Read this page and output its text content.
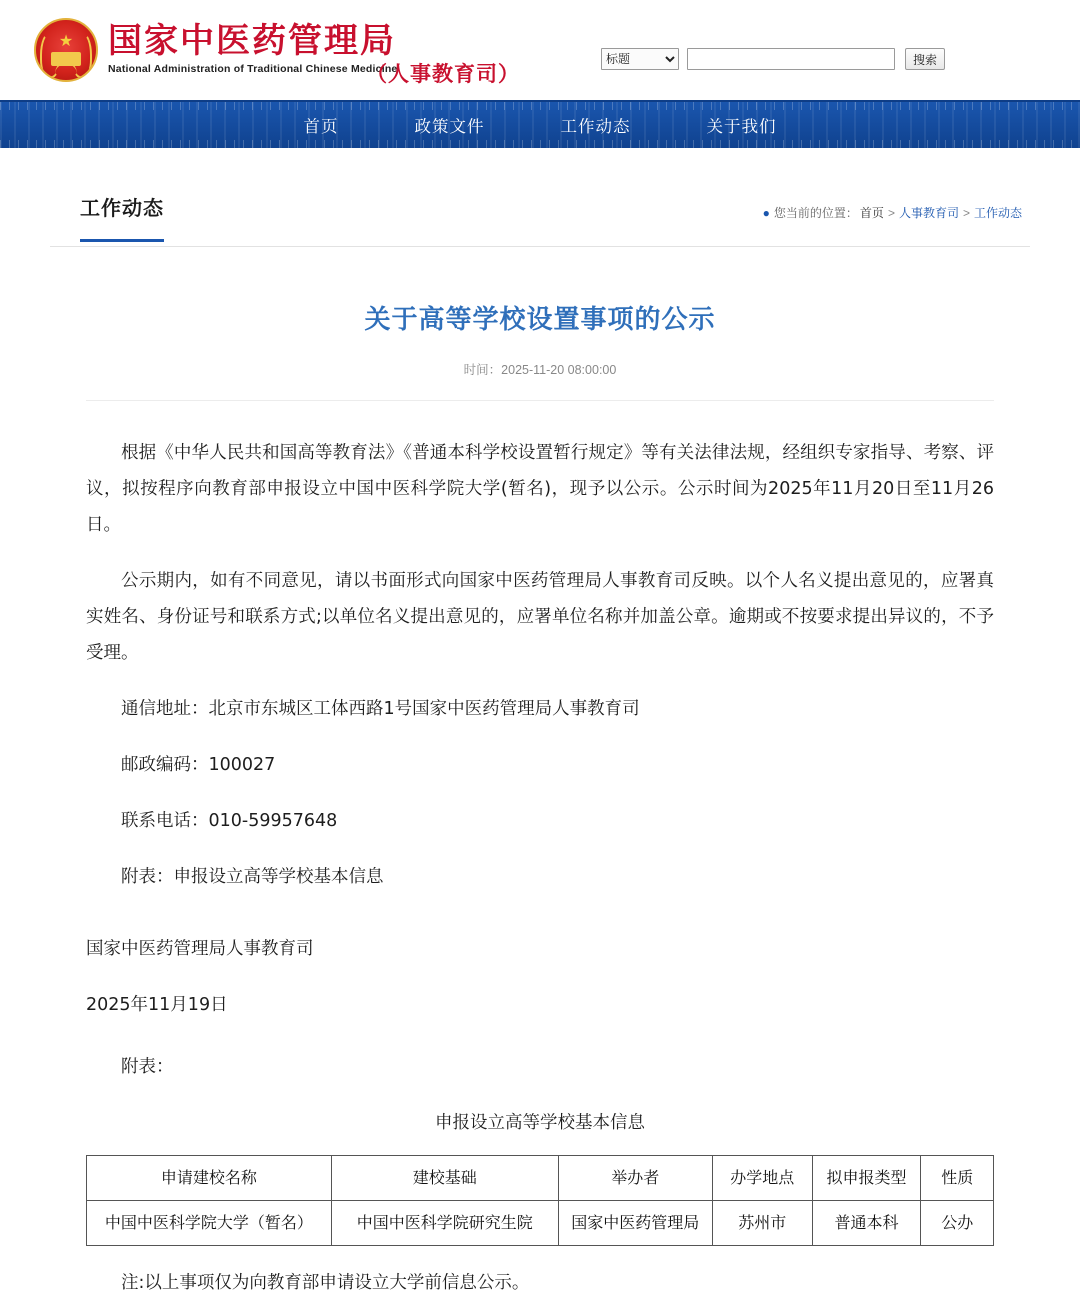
★ 国家中医药管理局
National Administration of Traditional Chinese Medicine
（人事教育司）
标题
搜索
首页	政策文件	工作动态	关于我们
工作动态	● 您当前的位置： 首页 > 人事教育司 > 工作动态
关于高等学校设置事项的公示
时间：2025-11-20 08:00:00

根据《中华人民共和国高等教育法》《普通本科学校设置暂行规定》等有关法律法规，经组织专家指导、考察、评议，拟按程序向教育部申报设立中国中医科学院大学(暂名)，现予以公示。公示时间为2025年11月20日至11月26日。

公示期内，如有不同意见，请以书面形式向国家中医药管理局人事教育司反映。以个人名义提出意见的，应署真实姓名、身份证号和联系方式;以单位名义提出意见的，应署单位名称并加盖公章。逾期或不按要求提出异议的，不予受理。

通信地址：北京市东城区工体西路1号国家中医药管理局人事教育司

邮政编码：100027

联系电话：010-59957648

附表：申报设立高等学校基本信息

国家中医药管理局人事教育司

2025年11月19日

附表：

申报设立高等学校基本信息
申请建校名称	建校基础	举办者	办学地点	拟申报类型	性质
中国中医科学院大学（暂名）	中国中医科学院研究生院	国家中医药管理局	苏州市	普通本科	公办
注:以上事项仅为向教育部申请设立大学前信息公示。
